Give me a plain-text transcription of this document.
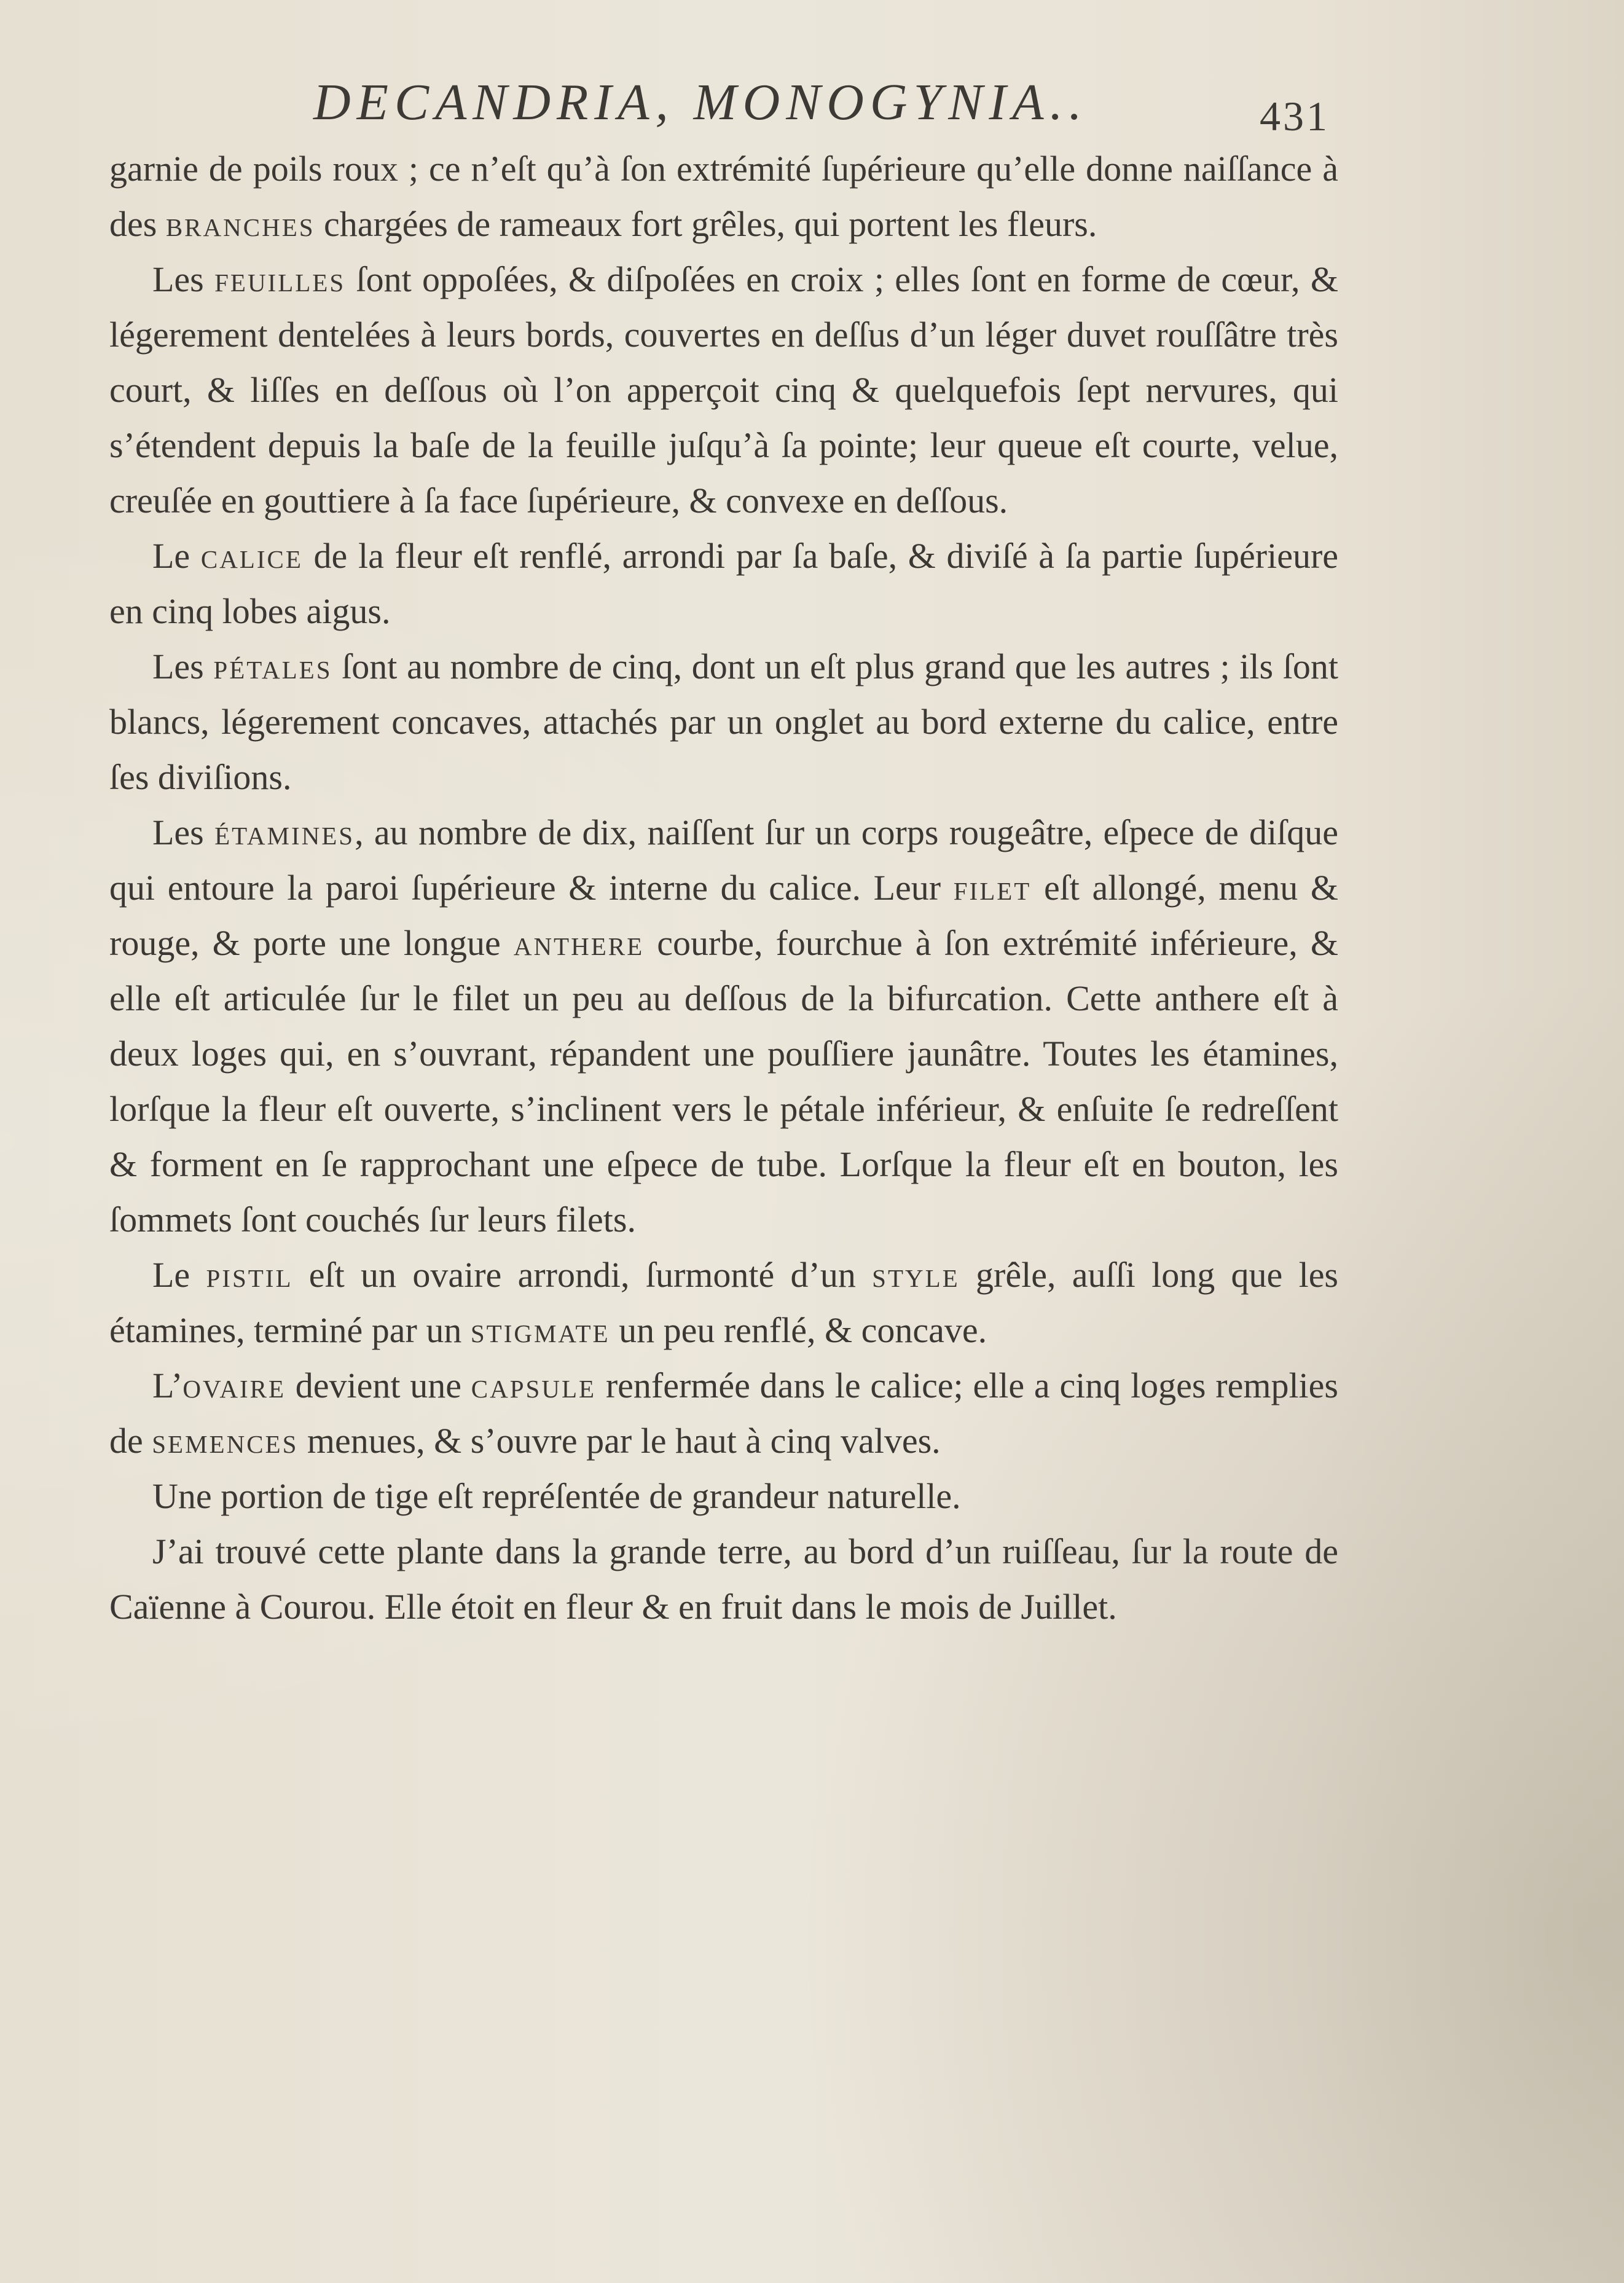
DECANDRIA, MONOGYNIA..	431

garnie de poils roux ; ce n’eſt qu’à ſon extrémité ſupérieure qu’elle donne naiſſance à des branches chargées de rameaux fort grêles, qui portent les fleurs.

Les feuilles ſont oppoſées, & diſpoſées en croix ; elles ſont en forme de cœur, & légerement dentelées à leurs bords, couvertes en deſſus d’un léger duvet rouſſâtre très court, & liſſes en deſſous où l’on apperçoit cinq & quelquefois ſept nervures, qui s’étendent depuis la baſe de la feuille juſqu’à ſa pointe; leur queue eſt courte, velue, creuſée en gouttiere à ſa face ſupérieure, & convexe en deſſous.

Le calice de la fleur eſt renflé, arrondi par ſa baſe, & diviſé à ſa partie ſupérieure en cinq lobes aigus.

Les pétales ſont au nombre de cinq, dont un eſt plus grand que les autres ; ils ſont blancs, légerement concaves, attachés par un onglet au bord externe du calice, entre ſes diviſions.

Les étamines, au nombre de dix, naiſſent ſur un corps rougeâtre, eſpece de diſque qui entoure la paroi ſupérieure & interne du calice. Leur filet eſt allongé, menu & rouge, & porte une longue anthere courbe, fourchue à ſon extrémité inférieure, & elle eſt articulée ſur le filet un peu au deſſous de la bifurcation. Cette anthere eſt à deux loges qui, en s’ouvrant, répandent une pouſſiere jaunâtre. Toutes les étamines, lorſque la fleur eſt ouverte, s’inclinent vers le pétale inférieur, & enſuite ſe redreſſent & forment en ſe rapprochant une eſpece de tube. Lorſque la fleur eſt en bouton, les ſommets ſont couchés ſur leurs filets.

Le pistil eſt un ovaire arrondi, ſurmonté d’un style grêle, auſſi long que les étamines, terminé par un stigmate un peu renflé, & concave.

L’ovaire devient une capsule renfermée dans le calice; elle a cinq loges remplies de semences menues, & s’ouvre par le haut à cinq valves.

Une portion de tige eſt repréſentée de grandeur naturelle.

J’ai trouvé cette plante dans la grande terre, au bord d’un ruiſſeau, ſur la route de Caïenne à Courou. Elle étoit en fleur & en fruit dans le mois de Juillet.
